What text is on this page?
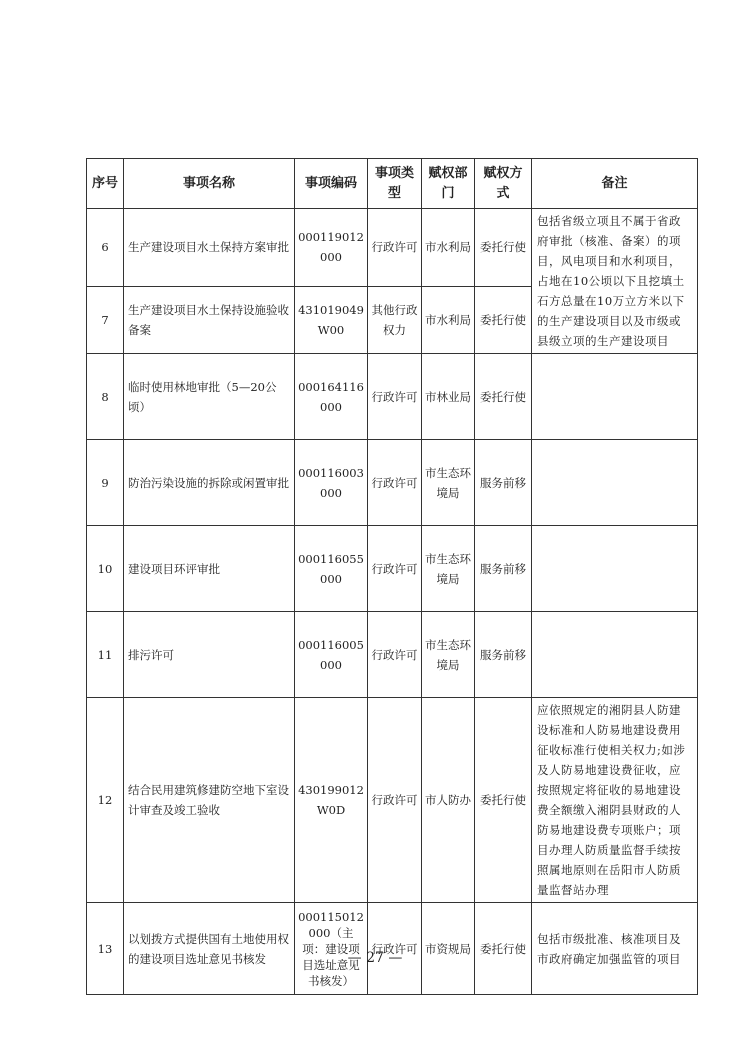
序号	事项名称	事项编码	事项类型	赋权部门	赋权方式	备注
6	生产建设项目水土保持方案审批	000119012000	行政许可	市水利局	委托行使	包括省级立项且不属于省政府审批（核准、备案）的项目，风电项目和水利项目，占地在10公顷以下且挖填土石方总量在10万立方米以下的生产建设项目以及市级或县级立项的生产建设项目
7	生产建设项目水土保持设施验收备案	431019049W00	其他行政权力	市水利局	委托行使	
8	临时使用林地审批（5—20公顷）	000164116000	行政许可	市林业局	委托行使	
9	防治污染设施的拆除或闲置审批	000116003000	行政许可	市生态环境局	服务前移	
10	建设项目环评审批	000116055000	行政许可	市生态环境局	服务前移	
11	排污许可	000116005000	行政许可	市生态环境局	服务前移	
12	结合民用建筑修建防空地下室设计审查及竣工验收	430199012W0D	行政许可	市人防办	委托行使	应依照规定的湘阴县人防建设标准和人防易地建设费用征收标准行使相关权力;如涉及人防易地建设费征收，应按照规定将征收的易地建设费全额缴入湘阴县财政的人防易地建设费专项账户；项目办理人防质量监督手续按照属地原则在岳阳市人防质量监督站办理
13	以划拨方式提供国有土地使用权的建设项目选址意见书核发	000115012000（主项：建设项目选址意见书核发）	行政许可	市资规局	委托行使	包括市级批准、核准项目及市政府确定加强监管的项目
— 27 —
